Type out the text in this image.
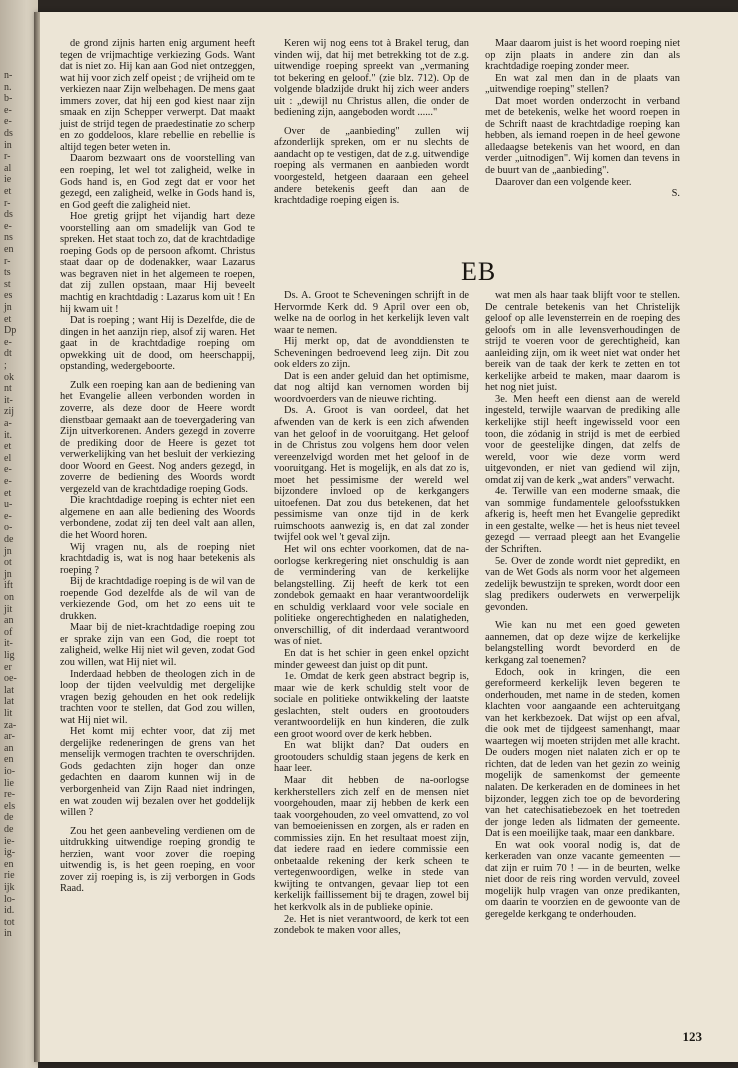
n-
n.
b-
e-
e-
ds
in
r-
al
ie
et
r-
ds
e-
ns
en
r-
ts
st
es
jn
et
Dp
e-
dt
;
ok
nt
it-
zij
a-
it.
et
el
e-
e-
et
u-
e-
o-
de
jn
ot
jn
ift
on
jit
an
of
it-
lig
er
oe-
lat
lat
lit
za-
ar-
an
en
io-
lie
re-
els
de
de
ie-
ig-
en
rie
ijk
lo-
id.
tot
in

de grond zijnis harten enig argument heeft tegen de vrijmachtige verkiezing Gods. Want dat is niet zo. Hij kan aan God niet ontzeggen, wat hij voor zich zelf opeist ; de vrijheid om te verkiezen naar Zijn welbehagen. De mens gaat immers zover, dat hij een god kiest naar zijn smaak en zijn Schepper verwerpt. Dat maakt juist de strijd tegen de praedestinatie zo scherp en zo goddeloos, klare rebellie en rebellie is altijd tegen beter weten in.

Daarom bezwaart ons de voorstelling van een roeping, let wel tot zaligheid, welke in Gods hand is, en God zegt dat er voor het gezegd, een zaligheid, welke in Gods hand is, en God geeft die zaligheid niet.

Hoe gretig grijpt het vijandig hart deze voorstelling aan om smadelijk van God te spreken. Het staat toch zo, dat de krachtdadige roeping Gods op de persoon afkomt. Christus staat daar op de dodenakker, waar Lazarus was begraven niet in het algemeen te roepen, dat zij zullen opstaan, maar Hij beveelt machtig en krachtdadig : Lazarus kom uit ! En hij kwam uit !

Dat is roeping ; want Hij is Dezelfde, die de dingen in het aanzijn riep, alsof zij waren. Het gaat in de krachtdadige roeping om opwekking uit de dood, om heerschappij, opstanding, wedergeboorte.

Zulk een roeping kan aan de bediening van het Evangelie alleen verbonden worden in zoverre, als deze door de Heere wordt dienstbaar gemaakt aan de toevergadering van Zijn uitverkorenen. Anders gezegd in zoverre de prediking door de Heere is gezet tot verwerkelijking van het besluit der verkiezing door Woord en Geest. Nog anders gezegd, in zoverre de bediening des Woords wordt vergezeld van de krachtdadige roeping Gods.

Die krachtdadige roeping is echter niet een algemene en aan alle bediening des Woords verbondene, zodat zij ten deel valt aan allen, die het Woord horen.

Wij vragen nu, als de roeping niet krachtdadig is, wat is nog haar betekenis als roeping ?

Bij de krachtdadige roeping is de wil van de roepende God dezelfde als de wil van de verkiezende God, om het zo eens uit te drukken.

Maar bij de niet-krachtdadige roeping zou er sprake zijn van een God, die roept tot zaligheid, welke Hij niet wil geven, zodat God zou willen, wat Hij niet wil.

Inderdaad hebben de theologen zich in de loop der tijden veelvuldig met dergelijke vragen bezig gehouden en het ook redelijk trachten voor te stellen, dat God zou willen, wat Hij niet wil.

Het komt mij echter voor, dat zij met dergelijke redeneringen de grens van het menselijk vermogen trachten te overschrijden. Gods gedachten zijn hoger dan onze gedachten en daarom kunnen wij in de verborgenheid van Zijn Raad niet indringen, en wat zouden wij bezalen over het goddelijk willen ?

Zou het geen aanbeveling verdienen om de uitdrukking uitwendige roeping grondig te herzien, want voor zover die roeping uitwendig is, is het geen roeping, en voor zover zij roeping is, is zij verborgen in Gods Raad.

Keren wij nog eens tot à Brakel terug, dan vinden wij, dat hij met betrekking tot de z.g. uitwendige roeping spreekt van „vermaning tot bekering en geloof." (zie blz. 712). Op de volgende bladzijde drukt hij zich weer anders uit : „dewijl nu Christus allen, die onder de bediening zijn, aangeboden wordt ......"

Over de „aanbieding" zullen wij afzonderlijk spreken, om er nu slechts de aandacht op te vestigen, dat de z.g. uitwendige roeping als vermanen en aanbieden wordt voorgesteld, hetgeen daaraan een geheel andere betekenis geeft dan aan de krachtdadige roeping eigen is.

Maar daarom juist is het woord roeping niet op zijn plaats in andere zin dan als krachtdadige roeping zonder meer.

En wat zal men dan in de plaats van „uitwendige roeping" stellen?

Dat moet worden onderzocht in verband met de betekenis, welke het woord roepen in de Schrift naast de krachtdadige roeping kan hebben, als iemand roepen in de heel gewone alledaagse betekenis van het woord, en dan verder „uitnodigen". Wij komen dan tevens in de buurt van de „aanbieding".

Daarover dan een volgende keer.

S.

EB

Ds. A. Groot te Scheveningen schrijft in de Hervormde Kerk dd. 9 April over een ob, welke na de oorlog in het kerkelijk leven valt waar te nemen.

Hij merkt op, dat de avonddiensten te Scheveningen bedroevend leeg zijn. Dit zou ook elders zo zijn.

Dat is een ander geluid dan het optimisme, dat nog altijd kan vernomen worden bij woordvoerders van de nieuwe richting.

Ds. A. Groot is van oordeel, dat het afwenden van de kerk is een zich afwenden van het geloof in de vooruitgang. Het geloof in de Christus zou volgens hem door velen vereenzelvigd worden met het geloof in de vooruitgang. Het is mogelijk, en als dat zo is, moet het pessimisme der wereld wel bijzondere invloed op de kerkgangers uitoefenen. Dat zou dus betekenen, dat het pessimisme van onze tijd in de kerk ruimschoots aanwezig is, en dat zal zonder twijfel ook wel 't geval zijn.

Het wil ons echter voorkomen, dat de na-oorlogse kerkregering niet onschuldig is aan de vermindering van de kerkelijke belangstelling. Zij heeft de kerk tot een zondebok gemaakt en haar verantwoordelijk en schuldig verklaard voor vele sociale en politieke ongerechtigheden en nalatigheden, onverschillig, of dit inderdaad verantwoord was of niet.

En dat is het schier in geen enkel opzicht minder geweest dan juist op dit punt.

1e. Omdat de kerk geen abstract begrip is, maar wie de kerk schuldig stelt voor de sociale en politieke ontwikkeling der laatste geslachten, stelt ouders en grootouders verantwoordelijk en hun kinderen, die zulk een groot woord over de kerk hebben.

En wat blijkt dan? Dat ouders en grootouders schuldig staan jegens de kerk en haar leer.

Maar dit hebben de na-oorlogse kerkherstellers zich zelf en de mensen niet voorgehouden, maar zij hebben de kerk een taak voorgehouden, zo veel omvattend, zo vol van bemoeienissen en zorgen, als er raden en commissies zijn. En het resultaat moest zijn, dat iedere raad en iedere commissie een onbetaalde rekening der kerk scheen te vertegenwoordigen, welke in stede van kwijting te ontvangen, gevaar liep tot een kerkelijk faillissement bij te dragen, zowel bij het kerkvolk als in de publieke opinie.

2e. Het is niet verantwoord, de kerk tot een zondebok te maken voor alles,

wat men als haar taak blijft voor te stellen. De centrale betekenis van het Christelijk geloof op alle levensterrein en de roeping des geloofs om in alle levensverhoudingen de strijd te voeren voor de gerechtigheid, kan aanleiding zijn, om ik weet niet wat onder het bereik van de taak der kerk te zetten en tot kerkelijke arbeid te maken, maar daarom is het nog niet juist.

3e. Men heeft een dienst aan de wereld ingesteld, terwijle waarvan de prediking alle kerkelijke stijl heeft ingewisseld voor een toon, die zódanig in strijd is met de eerbied voor de geestelijke dingen, dat zelfs de wereld, voor wie deze vorm werd uitgevonden, er niet van gediend wil zijn, omdat zij van de kerk „wat anders" verwacht.

4e. Terwille van een moderne smaak, die van sommige fundamentele geloofsstukken afkerig is, heeft men het Evangelie gepredikt in een gestalte, welke — het is heus niet teveel gezegd — verraad pleegt aan het Evangelie der Schriften.

5e. Over de zonde wordt niet gepredikt, en van de Wet Gods als norm voor het algemeen zedelijk bewustzijn te spreken, wordt door een slag predikers ouderwets en verwerpelijk gevonden.

Wie kan nu met een goed geweten aannemen, dat op deze wijze de kerkelijke belangstelling wordt bevorderd en de kerkgang zal toenemen?

Edoch, ook in kringen, die een gereformeerd kerkelijk leven begeren te onderhouden, met name in de steden, komen klachten voor aangaande een achteruitgang van het kerkbezoek. Dat wijst op een afval, die ook met de tijdgeest samenhangt, maar waartegen wij moeten strijden met alle kracht. De ouders mogen niet nalaten zich er op te richten, dat de leden van het gezin zo weinig mogelijk de samenkomst der gemeente nalaten. De kerkeraden en de dominees in het bijzonder, leggen zich toe op de bevordering van het catechisatiebezoek en het toetreden der jonge leden als lidmaten der gemeente. Dat is een moeilijke taak, maar een dankbare.

En wat ook vooral nodig is, dat de kerkeraden van onze vacante gemeenten — dat zijn er ruim 70 ! — in de beurten, welke niet door de reis ring worden vervuld, zoveel mogelijk hulp vragen van onze predikanten, om daarin te voorzien en de gewoonte van de geregelde kerkgang te onderhouden.

123
